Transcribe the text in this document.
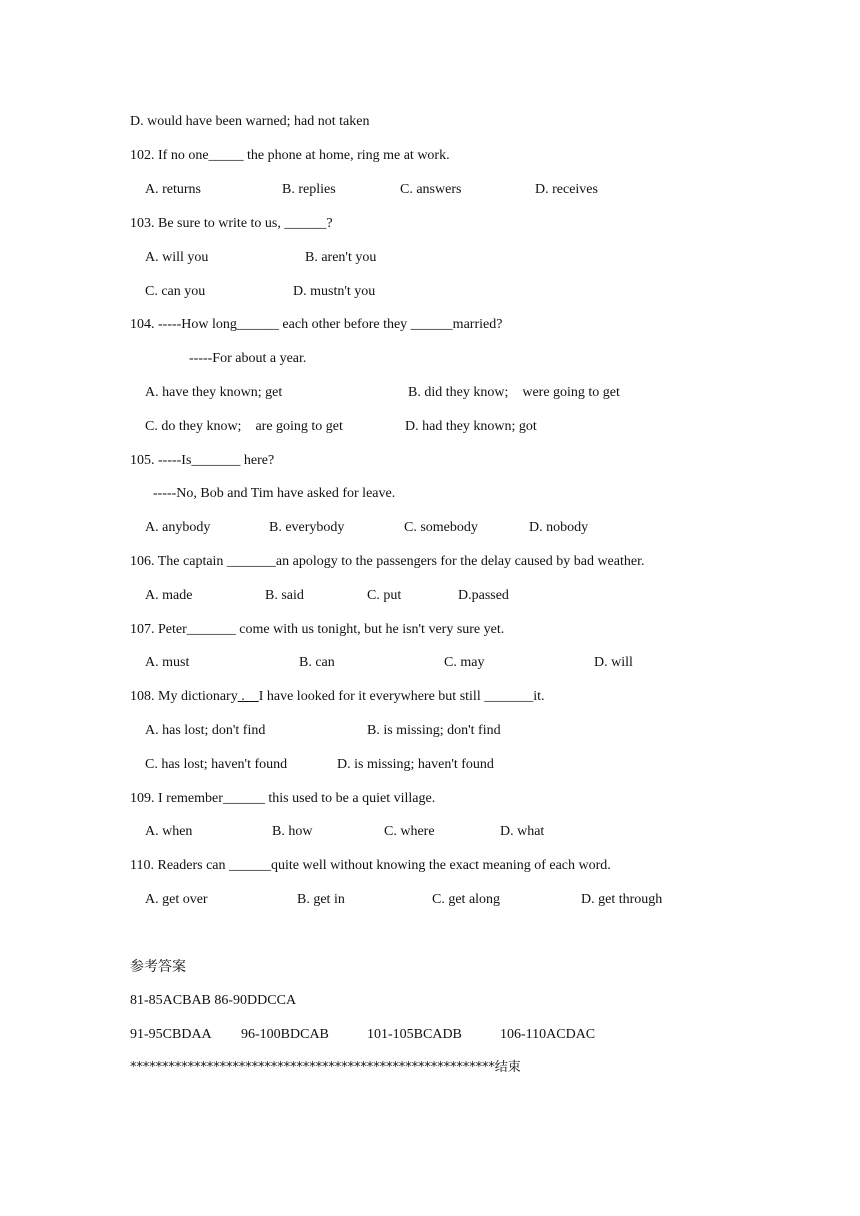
D. would have been warned; had not taken
102. If no one_____ the phone at home, ring me at work.
A. returns	B. replies	C. answers	D. receives
103. Be sure to write to us, ______?
A. will you	B. aren't you
C. can you	D. mustn't you
104. -----How long______ each other before they ______married?
-----For about a year.
A. have they known; get	B. did they know;    were going to get
C. do they know;    are going to get	D. had they known; got
105. -----Is_______ here?
-----No, Bob and Tim have asked for leave.
A. anybody	B. everybody	C. somebody	D. nobody
106. The captain _______an apology to the passengers for the delay caused by bad weather.
A. made	B. said	C. put	D.passed
107. Peter_______ come with us tonight, but he isn't very sure yet.
A. must	B. can	C. may	D. will
108. My dictionary .    I have looked for it everywhere but still _______it.
A. has lost; don't find	B. is missing; don't find
C. has lost; haven't found	D. is missing; haven't found
109. I remember______ this used to be a quiet village.
A. when	B. how	C. where	D. what
110. Readers can ______quite well without knowing the exact meaning of each word.
A. get over	B. get in	C. get along	D. get through
参考答案
81-85ACBAB 86-90DDCCA
91-95CBDAA 96-100BDCAB	101-105BCADB	106-110ACDAC
*********************************************************结束
